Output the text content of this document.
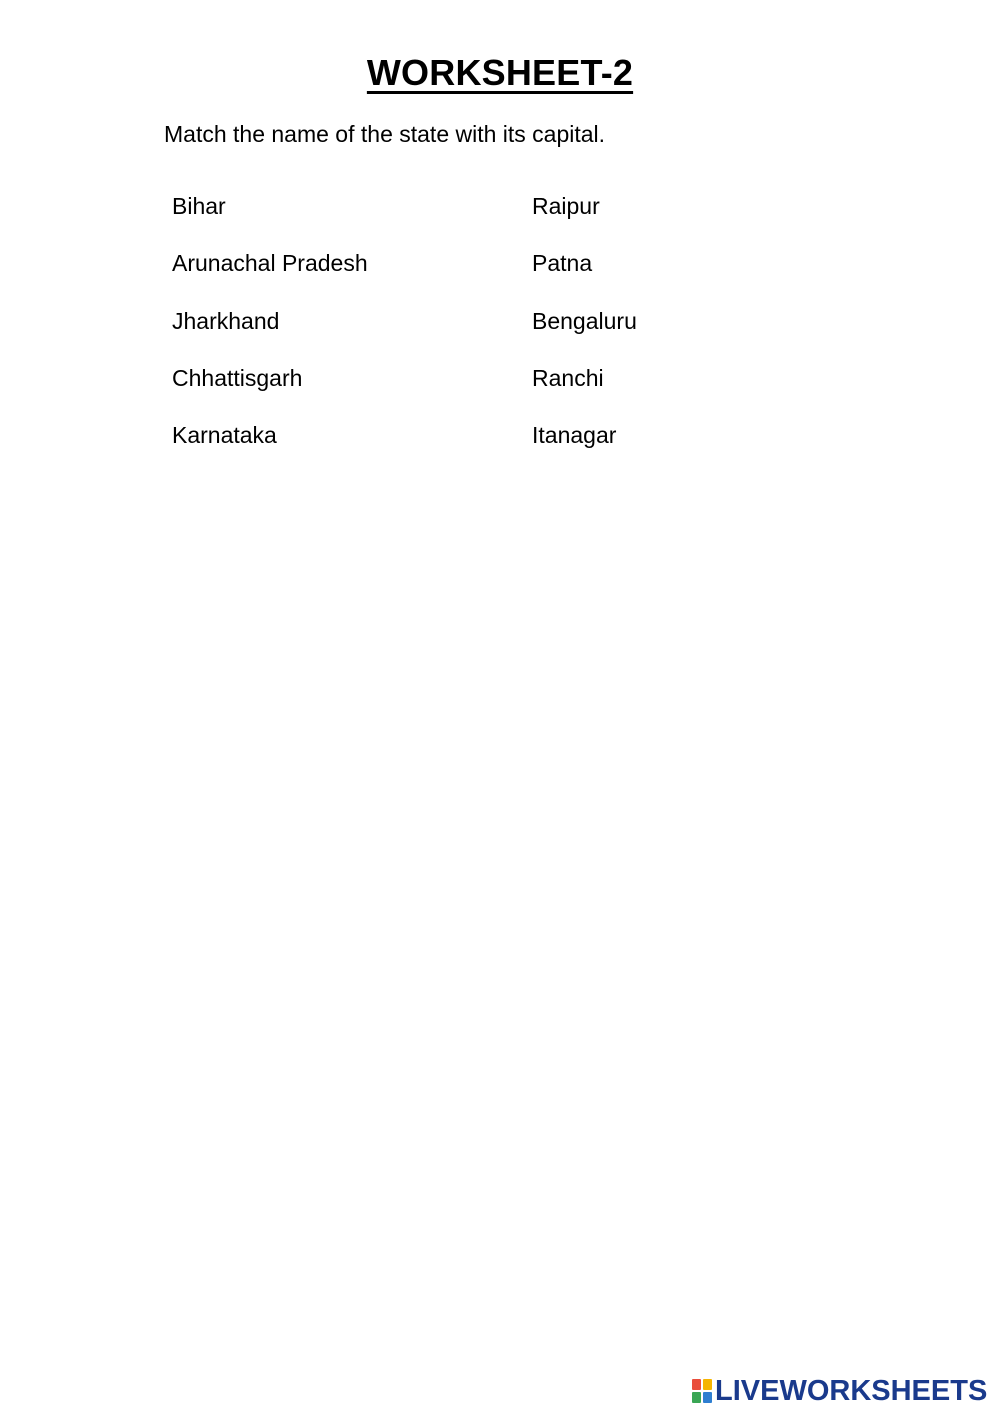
WORKSHEET-2
Match the name of the state with its capital.
Bihar
Arunachal Pradesh
Jharkhand
Chhattisgarh
Karnataka
Raipur
Patna
Bengaluru
Ranchi
Itanagar
LIVEWORKSHEETS
